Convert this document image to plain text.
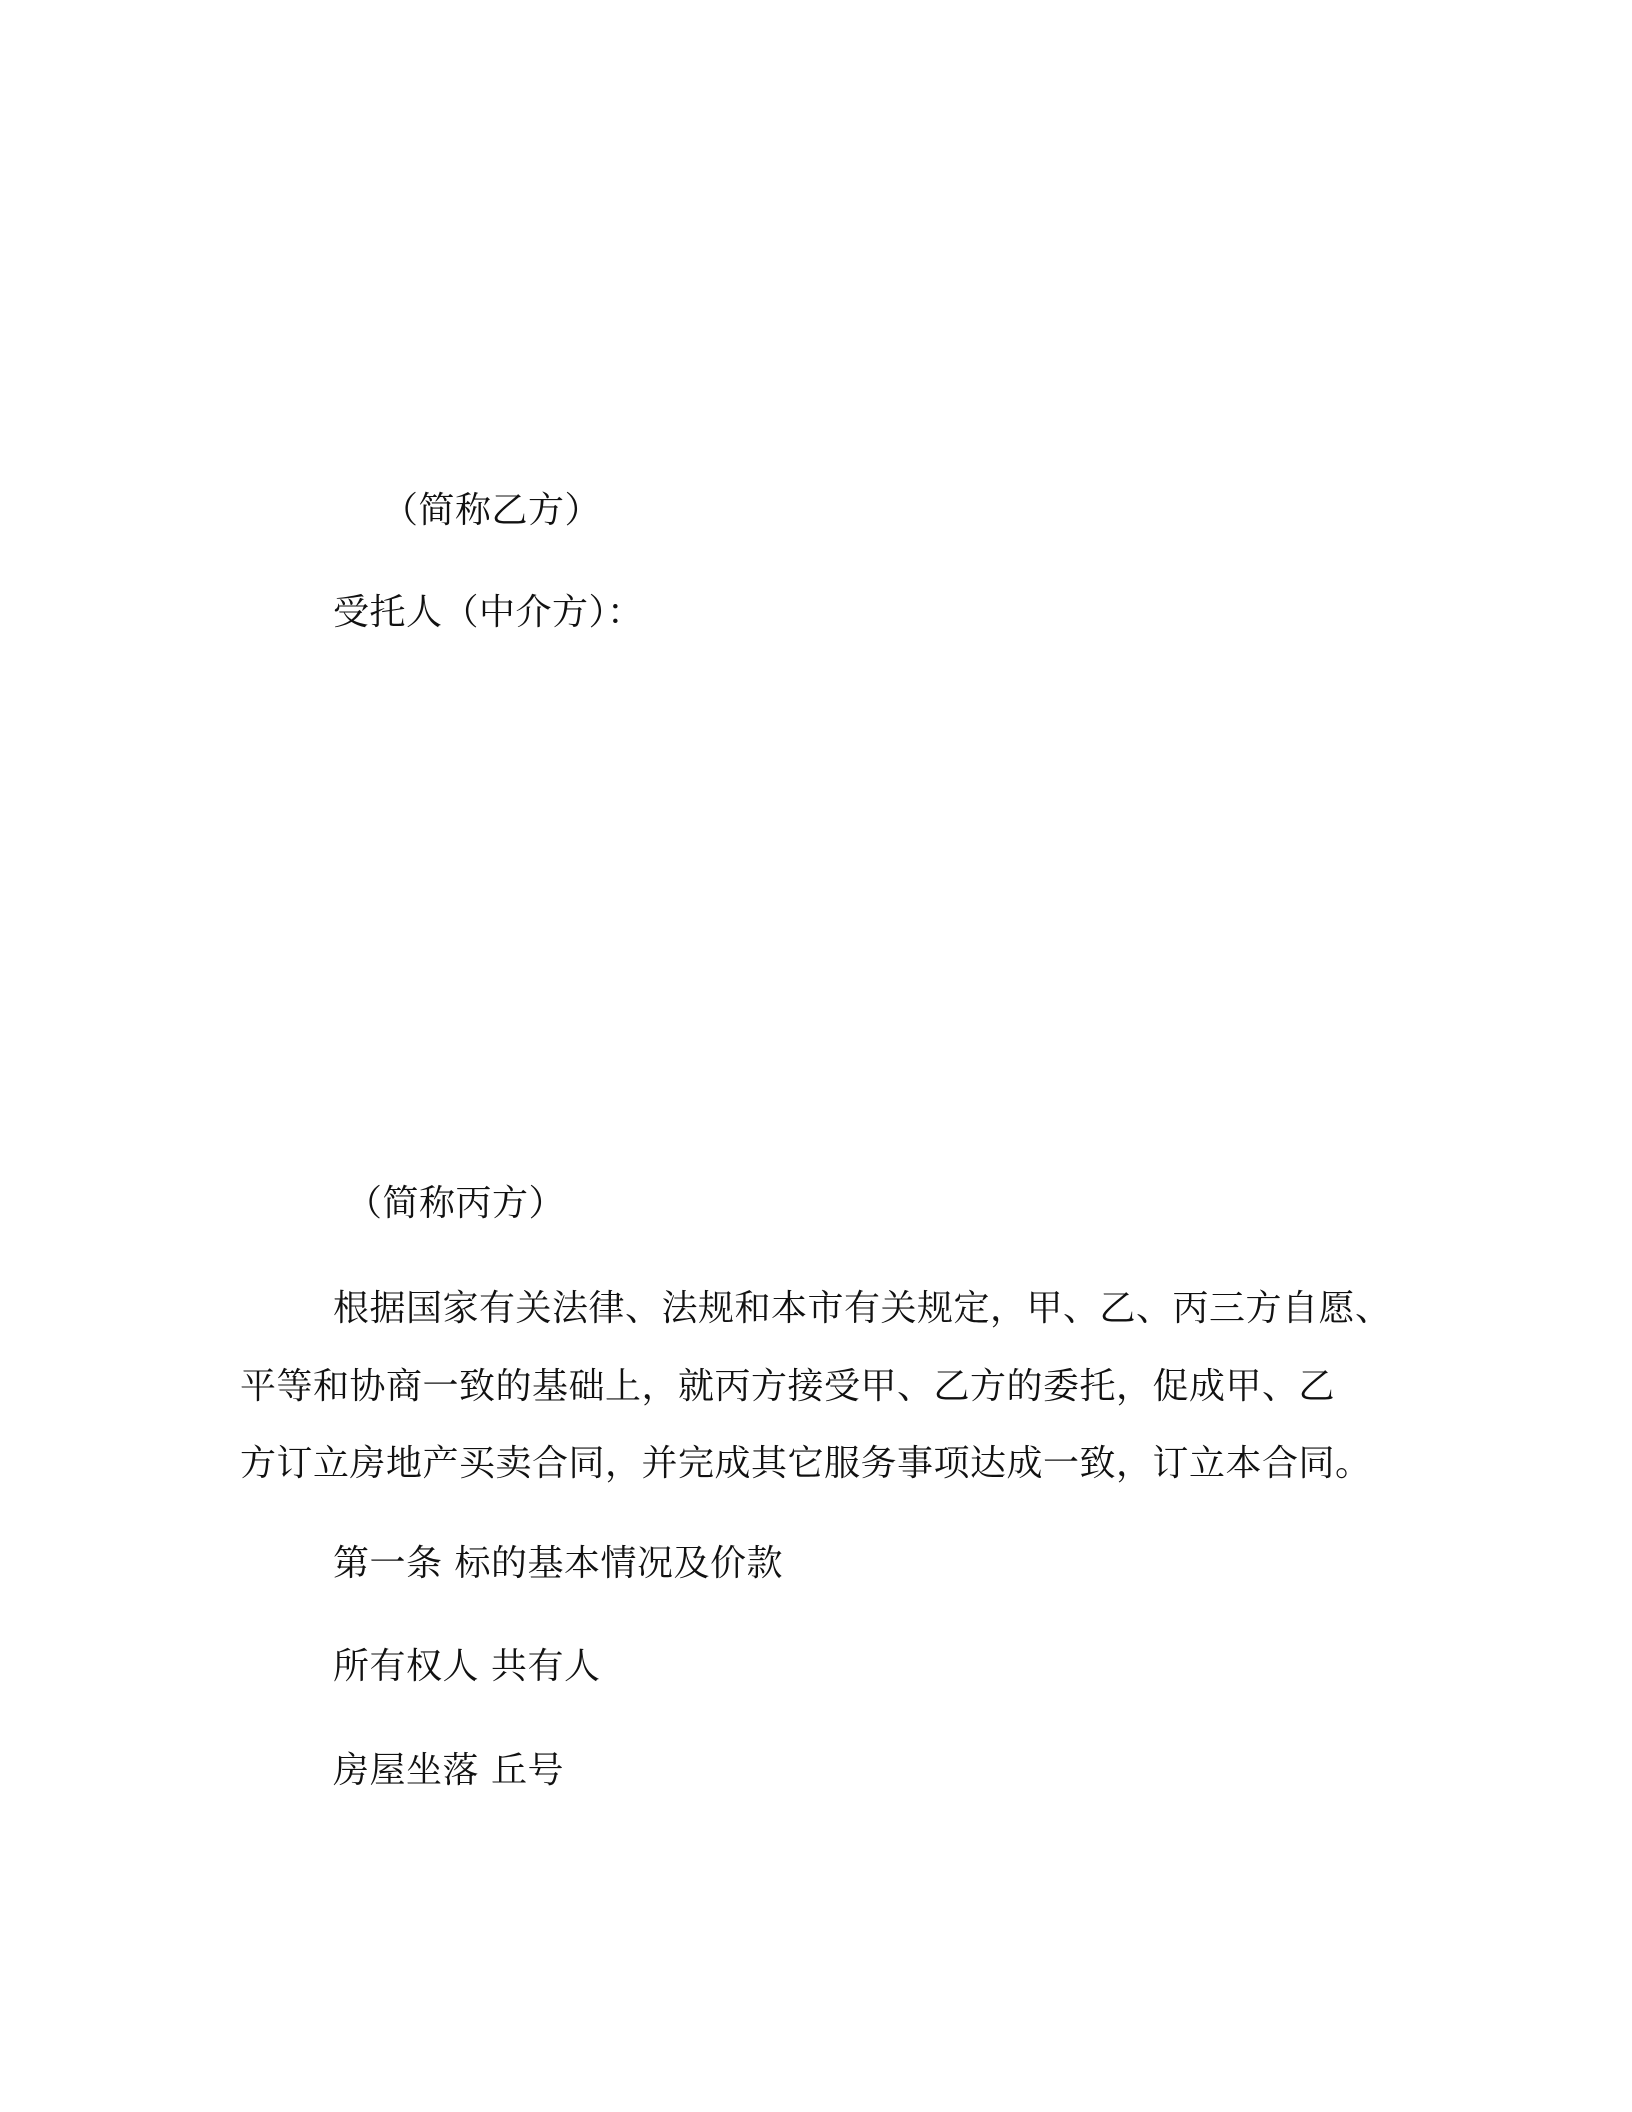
（简称乙方）

受托人（中介方）：

（简称丙方）

根据国家有关法律、法规和本市有关规定，甲、乙、丙三方自愿、

平等和协商一致的基础上，就丙方接受甲、乙方的委托，促成甲、乙

方订立房地产买卖合同，并完成其它服务事项达成一致，订立本合同。

第一条 标的基本情况及价款

所有权人 共有人

房屋坐落 丘号
